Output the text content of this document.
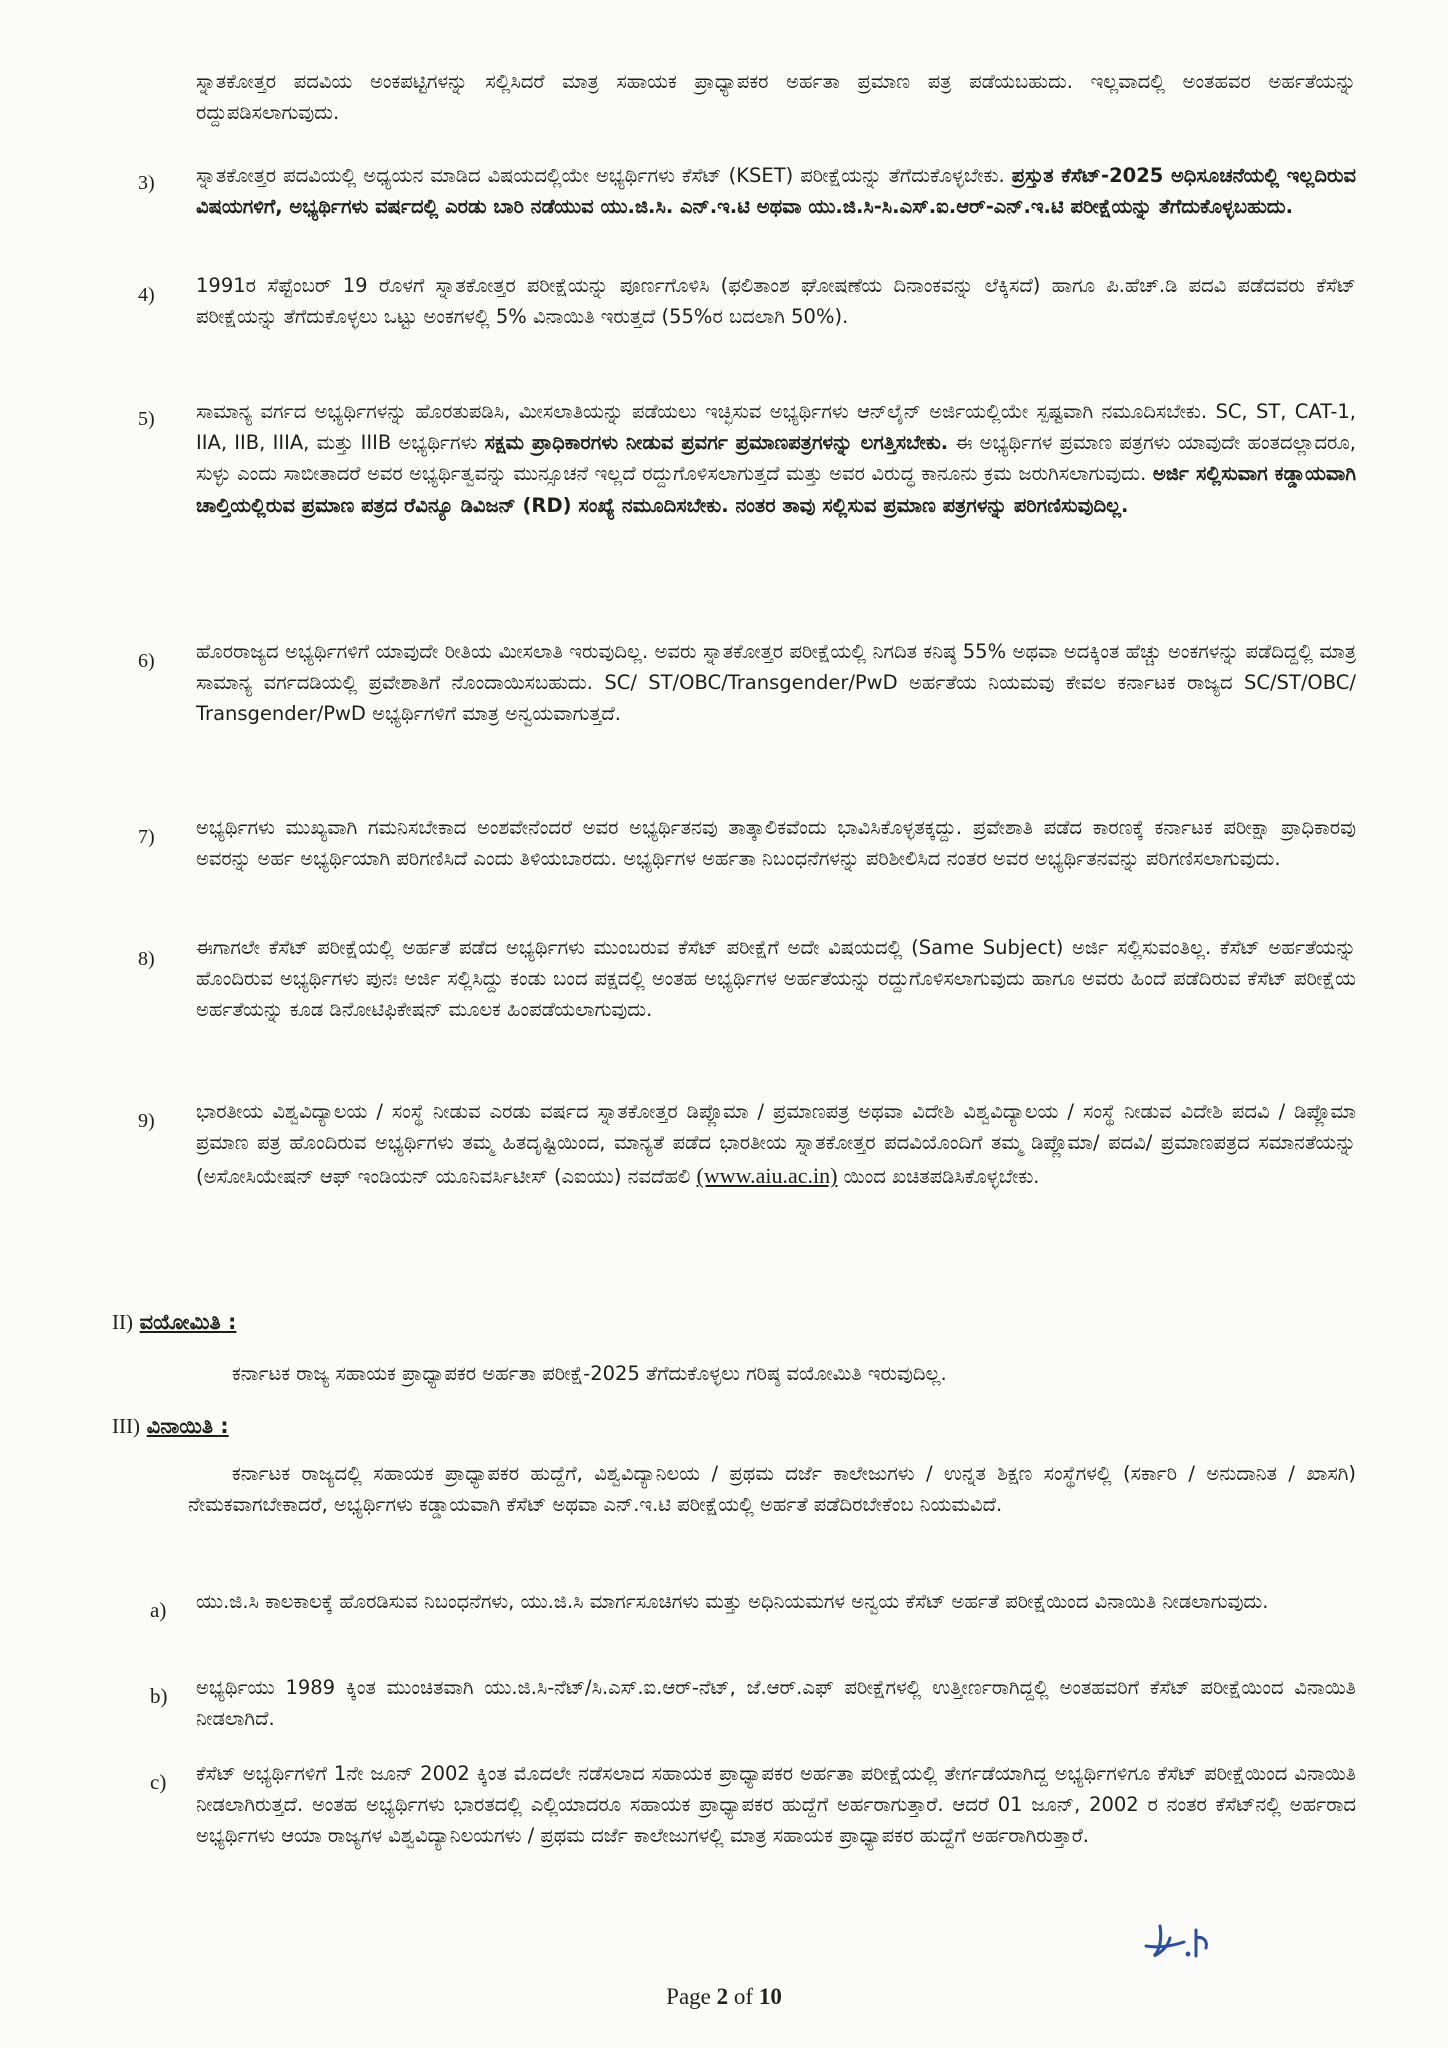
ಸ್ನಾತಕೋತ್ತರ ಪದವಿಯ ಅಂಕಪಟ್ಟಿಗಳನ್ನು ಸಲ್ಲಿಸಿದರೆ ಮಾತ್ರ ಸಹಾಯಕ ಪ್ರಾಧ್ಯಾಪಕರ ಅರ್ಹತಾ ಪ್ರಮಾಣ ಪತ್ರ ಪಡೆಯಬಹುದು. ಇಲ್ಲವಾದಲ್ಲಿ ಅಂತಹವರ ಅರ್ಹತೆಯನ್ನು ರದ್ದುಪಡಿಸಲಾಗುವುದು.
3) ಸ್ನಾತಕೋತ್ತರ ಪದವಿಯಲ್ಲಿ ಅಧ್ಯಯನ ಮಾಡಿದ ವಿಷಯದಲ್ಲಿಯೇ ಅಭ್ಯರ್ಥಿಗಳು ಕೆಸೆಟ್ (KSET) ಪರೀಕ್ಷೆಯನ್ನು ತೆಗೆದುಕೊಳ್ಳಬೇಕು. ಪ್ರಸ್ತುತ ಕೆಸೆಟ್-2025 ಅಧಿಸೂಚನೆಯಲ್ಲಿ ಇಲ್ಲದಿರುವ ವಿಷಯಗಳಿಗೆ, ಅಭ್ಯರ್ಥಿಗಳು ವರ್ಷದಲ್ಲಿ ಎರಡು ಬಾರಿ ನಡೆಯುವ ಯು.ಜಿ.ಸಿ. ಎನ್.ಇ.ಟಿ ಅಥವಾ ಯು.ಜಿ.ಸಿ-ಸಿ.ಎಸ್.ಐ.ಆರ್-ಎನ್.ಇ.ಟಿ ಪರೀಕ್ಷೆಯನ್ನು ತೆಗೆದುಕೊಳ್ಳಬಹುದು.
4) 1991ರ ಸೆಪ್ಟೆಂಬರ್ 19 ರೊಳಗೆ ಸ್ನಾತಕೋತ್ತರ ಪರೀಕ್ಷೆಯನ್ನು ಪೂರ್ಣಗೊಳಿಸಿ (ಫಲಿತಾಂಶ ಘೋಷಣೆಯ ದಿನಾಂಕವನ್ನು ಲೆಕ್ಕಿಸದೆ) ಹಾಗೂ ಪಿ.ಹೆಚ್.ಡಿ ಪದವಿ ಪಡೆದವರು ಕೆಸೆಟ್ ಪರೀಕ್ಷೆಯನ್ನು ತೆಗೆದುಕೊಳ್ಳಲು ಒಟ್ಟು ಅಂಕಗಳಲ್ಲಿ 5% ವಿನಾಯಿತಿ ಇರುತ್ತದೆ (55%ರ ಬದಲಾಗಿ 50%).
5) ಸಾಮಾನ್ಯ ವರ್ಗದ ಅಭ್ಯರ್ಥಿಗಳನ್ನು ಹೊರತುಪಡಿಸಿ, ಮೀಸಲಾತಿಯನ್ನು ಪಡೆಯಲು ಇಚ್ಛಿಸುವ ಅಭ್ಯರ್ಥಿಗಳು ಆನ್‌ಲೈನ್ ಅರ್ಜಿಯಲ್ಲಿಯೇ ಸ್ಪಷ್ಟವಾಗಿ ನಮೂದಿಸಬೇಕು. SC, ST, CAT-1, IIA, IIB, IIIA, ಮತ್ತು IIIB ಅಭ್ಯರ್ಥಿಗಳು ಸಕ್ಷಮ ಪ್ರಾಧಿಕಾರಗಳು ನೀಡುವ ಪ್ರವರ್ಗ ಪ್ರಮಾಣಪತ್ರಗಳನ್ನು ಲಗತ್ತಿಸಬೇಕು. ಈ ಅಭ್ಯರ್ಥಿಗಳ ಪ್ರಮಾಣ ಪತ್ರಗಳು ಯಾವುದೇ ಹಂತದಲ್ಲಾದರೂ, ಸುಳ್ಳು ಎಂದು ಸಾಬೀತಾದರೆ ಅವರ ಅಭ್ಯರ್ಥಿತ್ವವನ್ನು ಮುನ್ಸೂಚನೆ ಇಲ್ಲದೆ ರದ್ದುಗೊಳಿಸಲಾಗುತ್ತದೆ ಮತ್ತು ಅವರ ವಿರುದ್ಧ ಕಾನೂನು ಕ್ರಮ ಜರುಗಿಸಲಾಗುವುದು. ಅರ್ಜಿ ಸಲ್ಲಿಸುವಾಗ ಕಡ್ಡಾಯವಾಗಿ ಚಾಲ್ತಿಯಲ್ಲಿರುವ ಪ್ರಮಾಣ ಪತ್ರದ ರೆವಿನ್ಯೂ ಡಿವಿಜನ್ (RD) ಸಂಖ್ಯೆ ನಮೂದಿಸಬೇಕು. ನಂತರ ತಾವು ಸಲ್ಲಿಸುವ ಪ್ರಮಾಣ ಪತ್ರಗಳನ್ನು ಪರಿಗಣಿಸುವುದಿಲ್ಲ.
6) ಹೊರರಾಜ್ಯದ ಅಭ್ಯರ್ಥಿಗಳಿಗೆ ಯಾವುದೇ ರೀತಿಯ ಮೀಸಲಾತಿ ಇರುವುದಿಲ್ಲ. ಅವರು ಸ್ನಾತಕೋತ್ತರ ಪರೀಕ್ಷೆಯಲ್ಲಿ ನಿಗದಿತ ಕನಿಷ್ಠ 55% ಅಥವಾ ಅದಕ್ಕಿಂತ ಹೆಚ್ಚು ಅಂಕಗಳನ್ನು ಪಡೆದಿದ್ದಲ್ಲಿ ಮಾತ್ರ ಸಾಮಾನ್ಯ ವರ್ಗದಡಿಯಲ್ಲಿ ಪ್ರವೇಶಾತಿಗೆ ನೊಂದಾಯಿಸಬಹುದು. SC/ ST/OBC/Transgender/PwD ಅರ್ಹತೆಯ ನಿಯಮವು ಕೇವಲ ಕರ್ನಾಟಕ ರಾಜ್ಯದ SC/ST/OBC/ Transgender/PwD ಅಭ್ಯರ್ಥಿಗಳಿಗೆ ಮಾತ್ರ ಅನ್ವಯವಾಗುತ್ತದೆ.
7) ಅಭ್ಯರ್ಥಿಗಳು ಮುಖ್ಯವಾಗಿ ಗಮನಿಸಬೇಕಾದ ಅಂಶವೇನೆಂದರೆ ಅವರ ಅಭ್ಯರ್ಥಿತನವು ತಾತ್ಕಾಲಿಕವೆಂದು ಭಾವಿಸಿಕೊಳ್ಳತಕ್ಕದ್ದು. ಪ್ರವೇಶಾತಿ ಪಡೆದ ಕಾರಣಕ್ಕೆ ಕರ್ನಾಟಕ ಪರೀಕ್ಷಾ ಪ್ರಾಧಿಕಾರವು ಅವರನ್ನು ಅರ್ಹ ಅಭ್ಯರ್ಥಿಯಾಗಿ ಪರಿಗಣಿಸಿದೆ ಎಂದು ತಿಳಿಯಬಾರದು. ಅಭ್ಯರ್ಥಿಗಳ ಅರ್ಹತಾ ನಿಬಂಧನೆಗಳನ್ನು ಪರಿಶೀಲಿಸಿದ ನಂತರ ಅವರ ಅಭ್ಯರ್ಥಿತನವನ್ನು ಪರಿಗಣಿಸಲಾಗುವುದು.
8) ಈಗಾಗಲೇ ಕೆಸೆಟ್ ಪರೀಕ್ಷೆಯಲ್ಲಿ ಅರ್ಹತೆ ಪಡೆದ ಅಭ್ಯರ್ಥಿಗಳು ಮುಂಬರುವ ಕೆಸೆಟ್ ಪರೀಕ್ಷೆಗೆ ಅದೇ ವಿಷಯದಲ್ಲಿ (Same Subject) ಅರ್ಜಿ ಸಲ್ಲಿಸುವಂತಿಲ್ಲ. ಕೆಸೆಟ್ ಅರ್ಹತೆಯನ್ನು ಹೊಂದಿರುವ ಅಭ್ಯರ್ಥಿಗಳು ಪುನಃ ಅರ್ಜಿ ಸಲ್ಲಿಸಿದ್ದು ಕಂಡು ಬಂದ ಪಕ್ಷದಲ್ಲಿ ಅಂತಹ ಅಭ್ಯರ್ಥಿಗಳ ಅರ್ಹತೆಯನ್ನು ರದ್ದುಗೊಳಿಸಲಾಗುವುದು ಹಾಗೂ ಅವರು ಹಿಂದೆ ಪಡೆದಿರುವ ಕೆಸೆಟ್ ಪರೀಕ್ಷೆಯ ಅರ್ಹತೆಯನ್ನು ಕೂಡ ಡಿನೋಟಿಫಿಕೇಷನ್ ಮೂಲಕ ಹಿಂಪಡೆಯಲಾಗುವುದು.
9) ಭಾರತೀಯ ವಿಶ್ವವಿದ್ಯಾಲಯ / ಸಂಸ್ಥೆ ನೀಡುವ ಎರಡು ವರ್ಷದ ಸ್ನಾತಕೋತ್ತರ ಡಿಪ್ಲೊಮಾ / ಪ್ರಮಾಣಪತ್ರ ಅಥವಾ ವಿದೇಶಿ ವಿಶ್ವವಿದ್ಯಾಲಯ / ಸಂಸ್ಥೆ ನೀಡುವ ವಿದೇಶಿ ಪದವಿ / ಡಿಪ್ಲೊಮಾ ಪ್ರಮಾಣ ಪತ್ರ ಹೊಂದಿರುವ ಅಭ್ಯರ್ಥಿಗಳು ತಮ್ಮ ಹಿತದೃಷ್ಟಿಯಿಂದ, ಮಾನ್ಯತೆ ಪಡೆದ ಭಾರತೀಯ ಸ್ನಾತಕೋತ್ತರ ಪದವಿಯೊಂದಿಗೆ ತಮ್ಮ ಡಿಪ್ಲೊಮಾ/ ಪದವಿ/ ಪ್ರಮಾಣಪತ್ರದ ಸಮಾನತೆಯನ್ನು (ಅಸೋಸಿಯೇಷನ್ ಆಫ್ ಇಂಡಿಯನ್ ಯೂನಿವರ್ಸಿಟೀಸ್ (ಎಐಯು) ನವದೆಹಲಿ (www.aiu.ac.in) ಯಿಂದ ಖಚಿತಪಡಿಸಿಕೊಳ್ಳಬೇಕು.
II) ವಯೋಮಿತಿ :
ಕರ್ನಾಟಕ ರಾಜ್ಯ ಸಹಾಯಕ ಪ್ರಾಧ್ಯಾಪಕರ ಅರ್ಹತಾ ಪರೀಕ್ಷೆ-2025 ತೆಗೆದುಕೊಳ್ಳಲು ಗರಿಷ್ಠ ವಯೋಮಿತಿ ಇರುವುದಿಲ್ಲ.
III) ವಿನಾಯಿತಿ :
ಕರ್ನಾಟಕ ರಾಜ್ಯದಲ್ಲಿ ಸಹಾಯಕ ಪ್ರಾಧ್ಯಾಪಕರ ಹುದ್ದೆಗೆ, ವಿಶ್ವವಿದ್ಯಾನಿಲಯ / ಪ್ರಥಮ ದರ್ಜೆ ಕಾಲೇಜುಗಳು / ಉನ್ನತ ಶಿಕ್ಷಣ ಸಂಸ್ಥೆಗಳಲ್ಲಿ (ಸರ್ಕಾರಿ / ಅನುದಾನಿತ / ಖಾಸಗಿ) ನೇಮಕವಾಗಬೇಕಾದರೆ, ಅಭ್ಯರ್ಥಿಗಳು ಕಡ್ಡಾಯವಾಗಿ ಕೆಸೆಟ್ ಅಥವಾ ಎನ್.ಇ.ಟಿ ಪರೀಕ್ಷೆಯಲ್ಲಿ ಅರ್ಹತೆ ಪಡೆದಿರಬೇಕೆಂಬ ನಿಯಮವಿದೆ.
a) ಯು.ಜಿ.ಸಿ ಕಾಲಕಾಲಕ್ಕೆ ಹೊರಡಿಸುವ ನಿಬಂಧನೆಗಳು, ಯು.ಜಿ.ಸಿ ಮಾರ್ಗಸೂಚಿಗಳು ಮತ್ತು ಅಧಿನಿಯಮಗಳ ಅನ್ವಯ ಕೆಸೆಟ್ ಅರ್ಹತೆ ಪರೀಕ್ಷೆಯಿಂದ ವಿನಾಯಿತಿ ನೀಡಲಾಗುವುದು.
b) ಅಭ್ಯರ್ಥಿಯು 1989 ಕ್ಕಿಂತ ಮುಂಚಿತವಾಗಿ ಯು.ಜಿ.ಸಿ-ನೆಟ್/ಸಿ.ಎಸ್.ಐ.ಆರ್-ನೆಟ್, ಜೆ.ಆರ್.ಎಫ್ ಪರೀಕ್ಷೆಗಳಲ್ಲಿ ಉತ್ತೀರ್ಣರಾಗಿದ್ದಲ್ಲಿ ಅಂತಹವರಿಗೆ ಕೆಸೆಟ್ ಪರೀಕ್ಷೆಯಿಂದ ವಿನಾಯಿತಿ ನೀಡಲಾಗಿದೆ.
c) ಕೆಸೆಟ್ ಅಭ್ಯರ್ಥಿಗಳಿಗೆ 1ನೇ ಜೂನ್ 2002 ಕ್ಕಿಂತ ಮೊದಲೇ ನಡೆಸಲಾದ ಸಹಾಯಕ ಪ್ರಾಧ್ಯಾಪಕರ ಅರ್ಹತಾ ಪರೀಕ್ಷೆಯಲ್ಲಿ ತೇರ್ಗಡೆಯಾಗಿದ್ದ ಅಭ್ಯರ್ಥಿಗಳಿಗೂ ಕೆಸೆಟ್ ಪರೀಕ್ಷೆಯಿಂದ ವಿನಾಯಿತಿ ನೀಡಲಾಗಿರುತ್ತದೆ. ಅಂತಹ ಅಭ್ಯರ್ಥಿಗಳು ಭಾರತದಲ್ಲಿ ಎಲ್ಲಿಯಾದರೂ ಸಹಾಯಕ ಪ್ರಾಧ್ಯಾಪಕರ ಹುದ್ದೆಗೆ ಅರ್ಹರಾಗುತ್ತಾರೆ. ಆದರೆ 01 ಜೂನ್, 2002 ರ ನಂತರ ಕೆಸೆಟ್‌ನಲ್ಲಿ ಅರ್ಹರಾದ ಅಭ್ಯರ್ಥಿಗಳು ಆಯಾ ರಾಜ್ಯಗಳ ವಿಶ್ವವಿದ್ಯಾನಿಲಯಗಳು / ಪ್ರಥಮ ದರ್ಜೆ ಕಾಲೇಜುಗಳಲ್ಲಿ ಮಾತ್ರ ಸಹಾಯಕ ಪ್ರಾಧ್ಯಾಪಕರ ಹುದ್ದೆಗೆ ಅರ್ಹರಾಗಿರುತ್ತಾರೆ.
Page 2 of 10
